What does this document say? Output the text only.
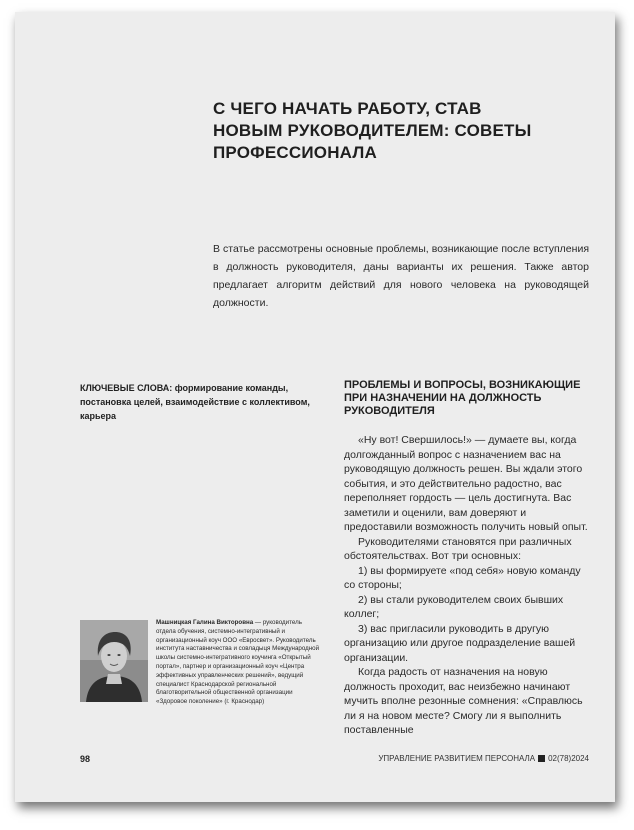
С ЧЕГО НАЧАТЬ РАБОТУ, СТАВ НОВЫМ РУКОВОДИТЕЛЕМ: СОВЕТЫ ПРОФЕССИОНАЛА

В статье рассмотрены основные проблемы, возникающие после вступления в должность руководителя, даны варианты их решения. Также автор предлагает алгоритм действий для нового человека на руководящей должности.

КЛЮЧЕВЫЕ СЛОВА: формирование команды, постановка целей, взаимодействие с коллективом, карьера

ПРОБЛЕМЫ И ВОПРОСЫ, ВОЗНИКАЮЩИЕ ПРИ НАЗНАЧЕНИИ НА ДОЛЖНОСТЬ РУКОВОДИТЕЛЯ

«Ну вот! Свершилось!» — думаете вы, когда долгожданный вопрос с назначением вас на руководящую должность решен. Вы ждали этого события, и это действительно радостно, вас переполняет гордость — цель достигнута. Вас заметили и оценили, вам доверяют и предоставили возможность получить новый опыт.

Руководителями становятся при различных обстоятельствах. Вот три основных:

1) вы формируете «под себя» новую команду со стороны;

2) вы стали руководителем своих бывших коллег;

3) вас пригласили руководить в другую организацию или другое подразделение вашей организации.

Когда радость от назначения на новую должность проходит, вас неизбежно начинают мучить вполне резонные сомнения: «Справлюсь ли я на новом месте? Смогу ли я выполнить поставленные

Машницкая Галина Викторовна — руководитель отдела обучения, системно-интегративный и организационный коуч ООО «Евросвет». Руководитель института наставничества и совладыця Международной школы системно-интегративного коучинга «Открытый портал», партнер и организационный коуч «Центра эффективных управленческих решений», ведущий специалист Краснодарской региональной благотворительной общественной организации «Здоровое поколение» (г. Краснодар)

98	УПРАВЛЕНИЕ РАЗВИТИЕМ ПЕРСОНАЛА 02(78)2024
